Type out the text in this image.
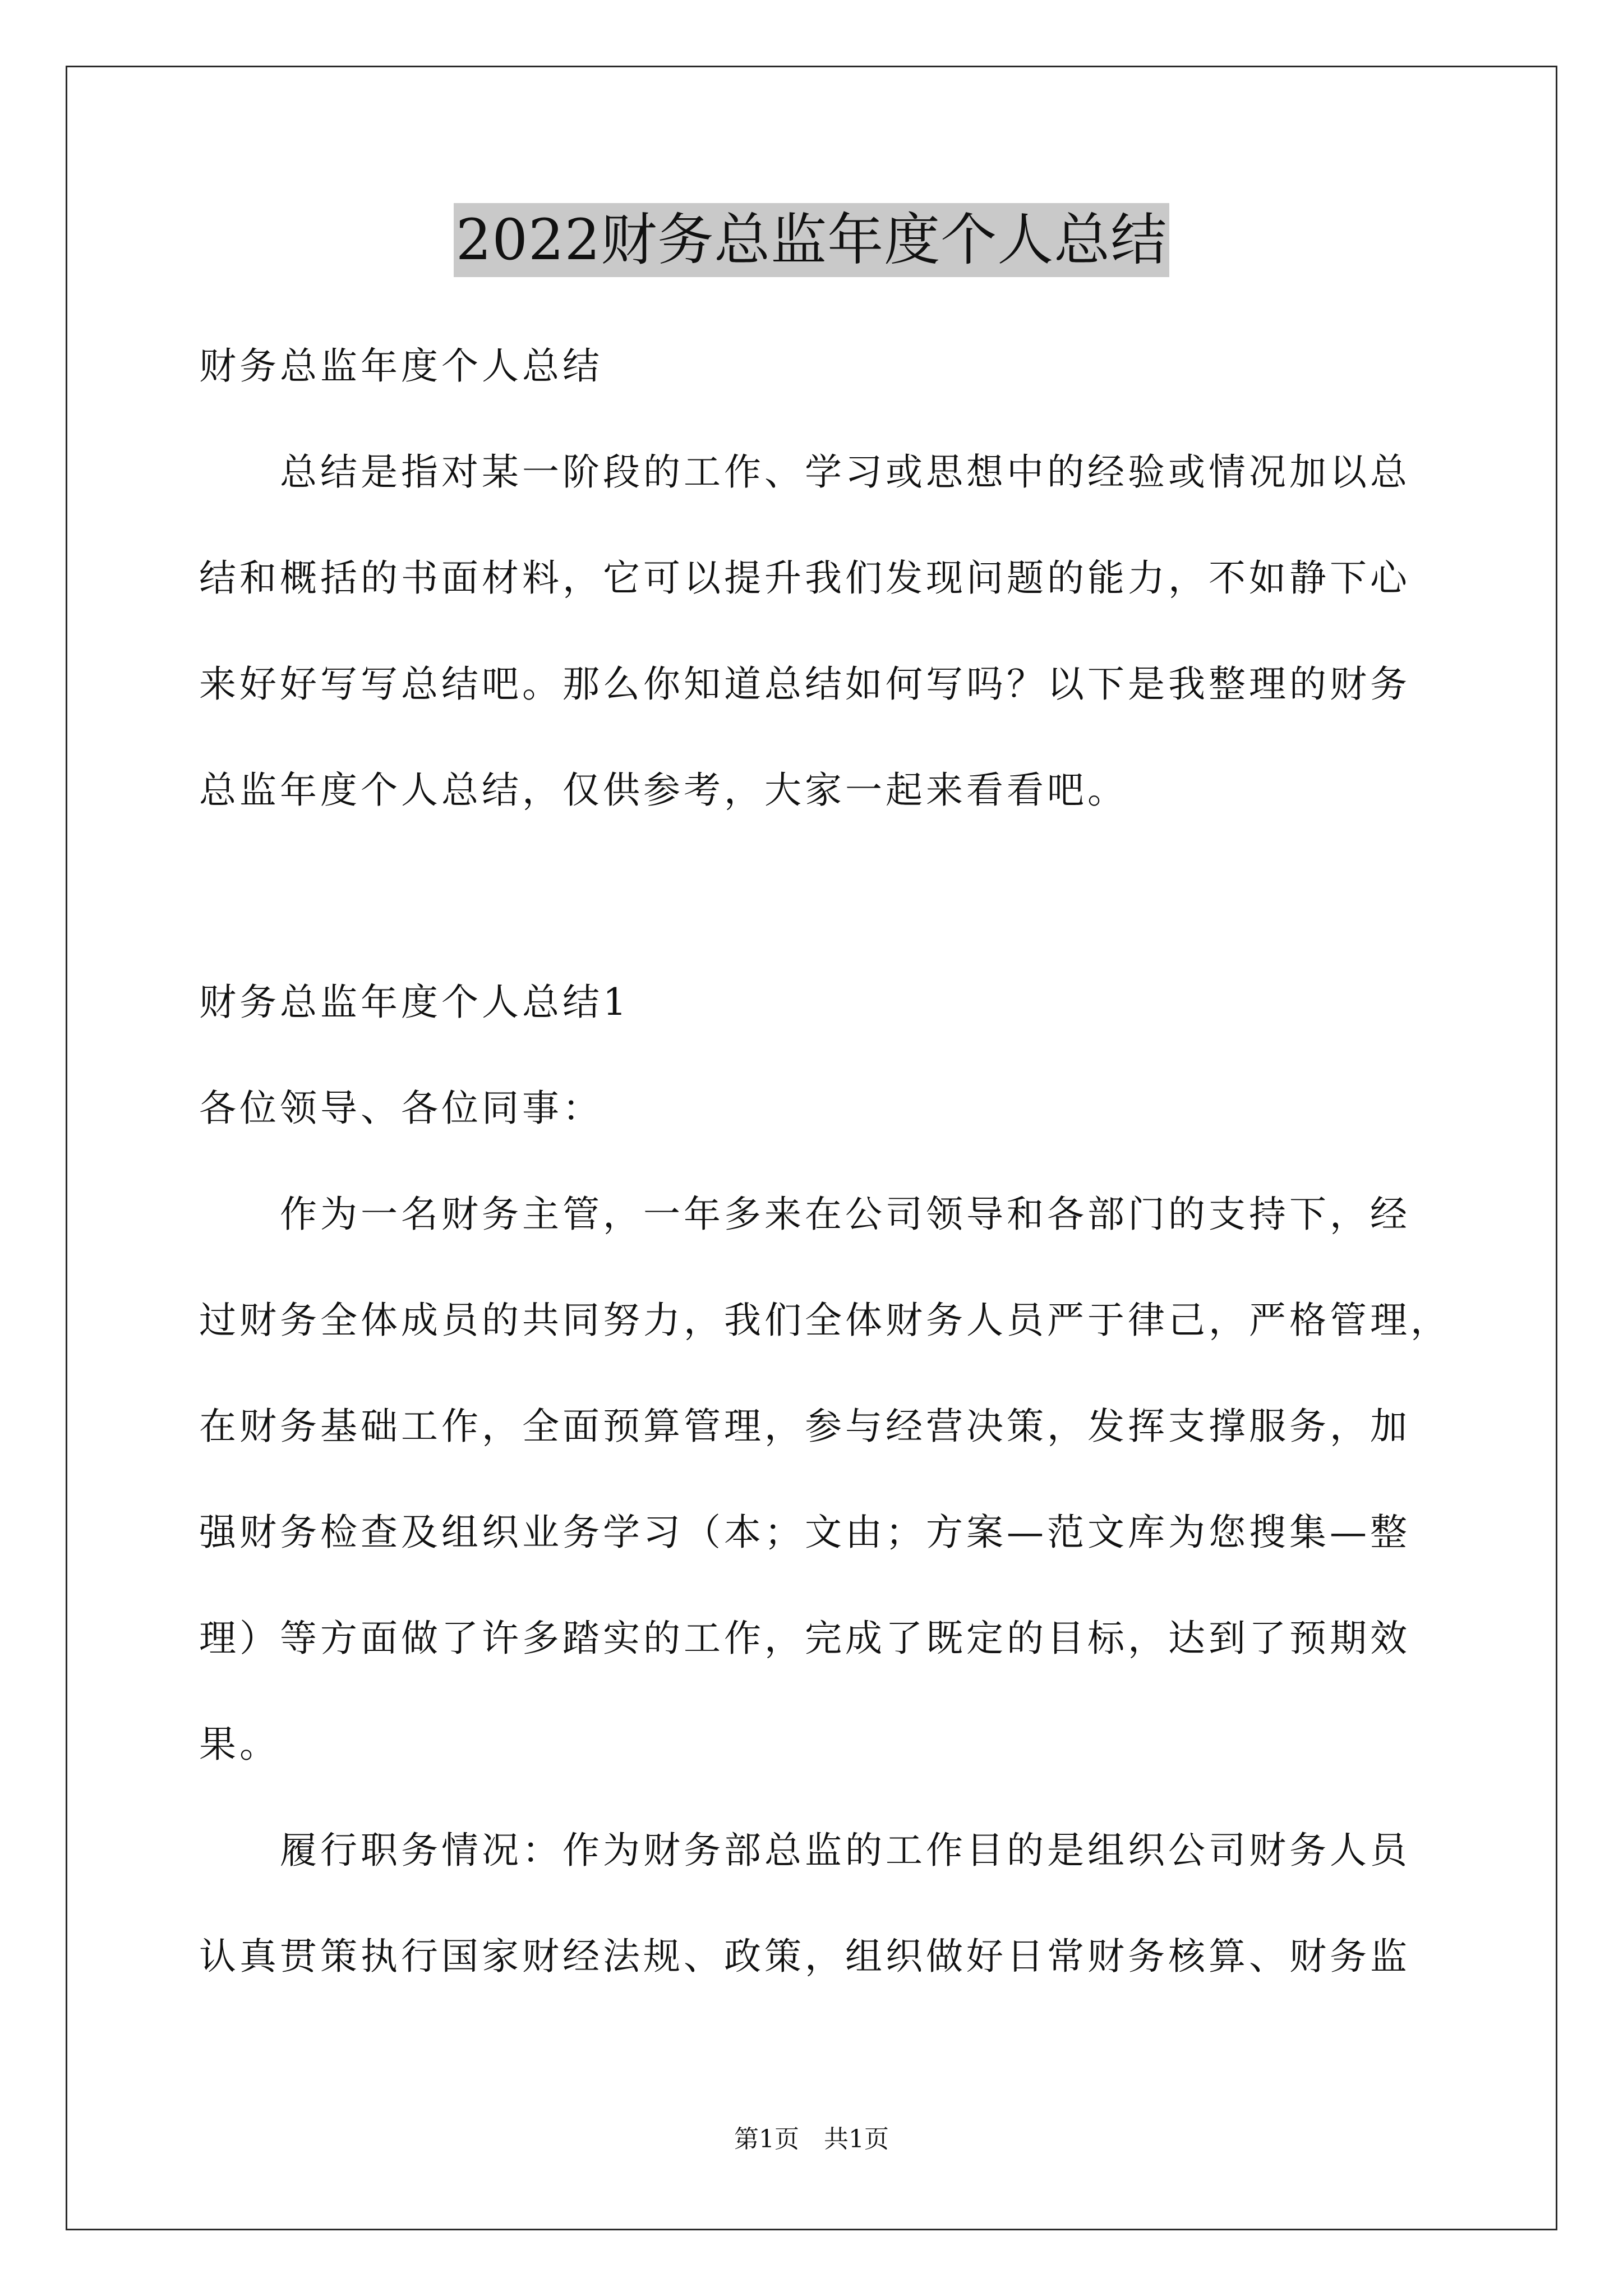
2022财务总监年度个人总结
财务总监年度个人总结
总结是指对某一阶段的工作、学习或思想中的经验或情况加以总
结和概括的书面材料，它可以提升我们发现问题的能力，不如静下心
来好好写写总结吧。那么你知道总结如何写吗？以下是我整理的财务
总监年度个人总结，仅供参考，大家一起来看看吧。
财务总监年度个人总结1
各位领导、各位同事：
作为一名财务主管，一年多来在公司领导和各部门的支持下，经
过财务全体成员的共同努力，我们全体财务人员严于律己，严格管理，
在财务基础工作，全面预算管理，参与经营决策，发挥支撑服务，加
强财务检查及组织业务学习（本；文由；方案—范文库为您搜集—整
理）等方面做了许多踏实的工作，完成了既定的目标，达到了预期效
果。
履行职务情况：作为财务部总监的工作目的是组织公司财务人员
认真贯策执行国家财经法规、政策，组织做好日常财务核算、财务监
第1页　共1页
